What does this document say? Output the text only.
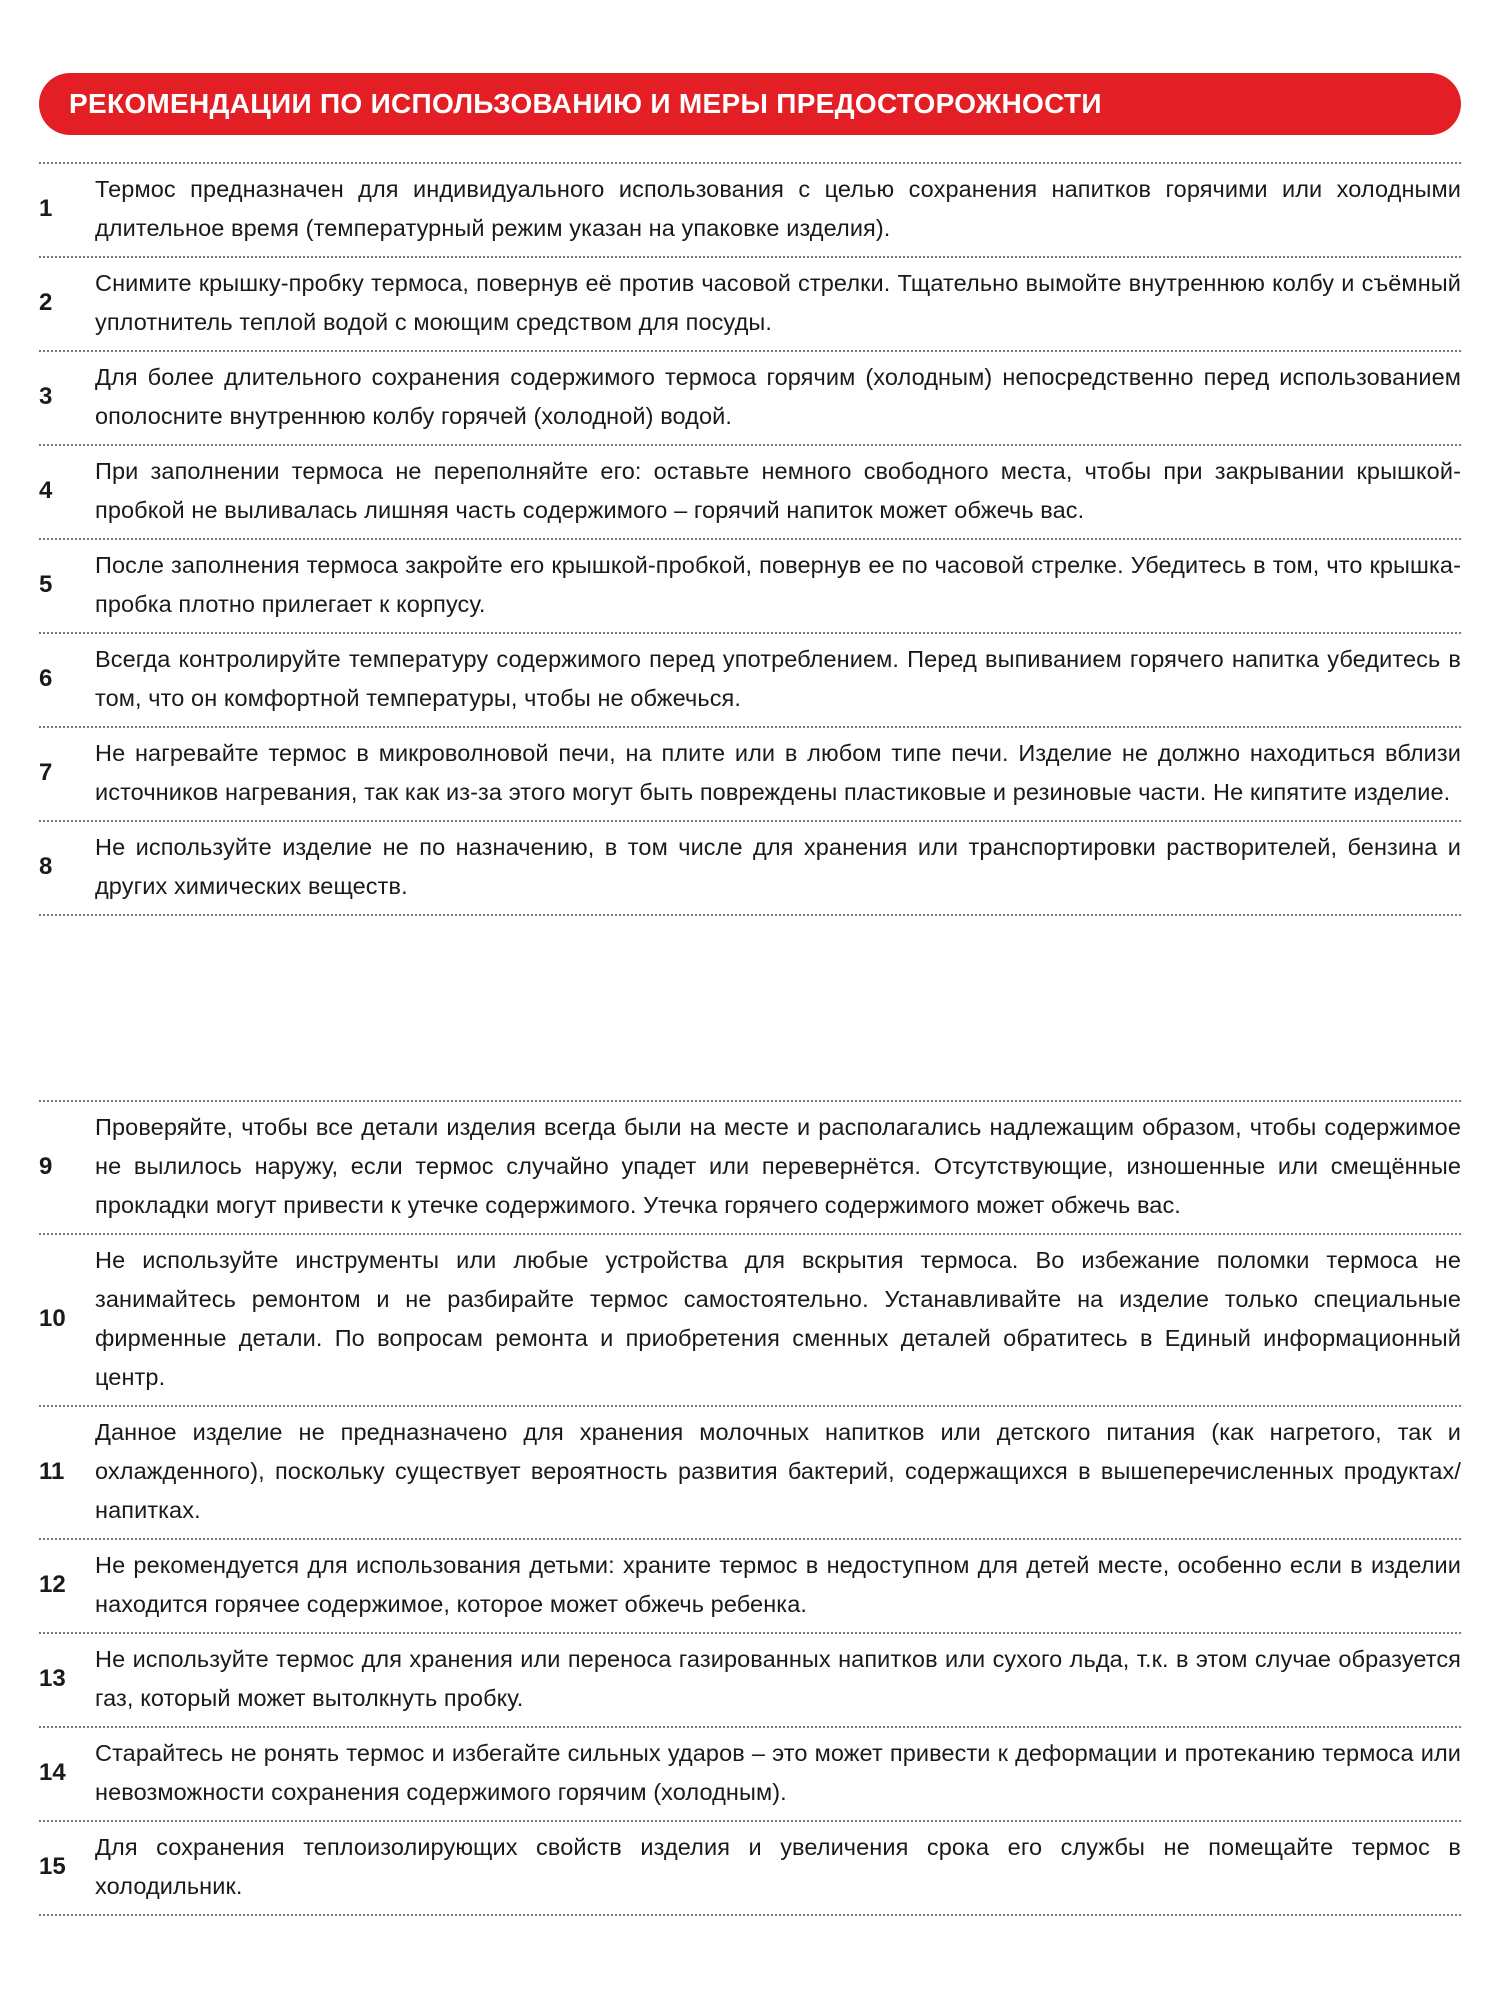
РЕКОМЕНДАЦИИ ПО ИСПОЛЬЗОВАНИЮ И МЕРЫ ПРЕДОСТОРОЖНОСТИ
1
Термос предназначен для индивидуального использования с целью сохранения напитков горячими или холодными длительное время (температурный режим указан на упаковке изделия).
2
Снимите крышку-пробку термоса, повернув её против часовой стрелки. Тщательно вымойте внутреннюю колбу и съёмный уплотнитель теплой водой с моющим средством для посуды.
3
Для более длительного сохранения содержимого термоса горячим (холодным) непосредственно перед использованием ополосните внутреннюю колбу горячей (холодной) водой.
4
При заполнении термоса не переполняйте его: оставьте немного свободного места, чтобы при закрывании крышкой-пробкой не выливалась лишняя часть содержимого – горячий напиток может обжечь вас.
5
После заполнения термоса закройте его крышкой-пробкой, повернув ее по часовой стрелке. Убедитесь в том, что крышка-пробка плотно прилегает к корпусу.
6
Всегда контролируйте температуру содержимого перед употреблением. Перед выпиванием горячего напитка убедитесь в том, что он комфортной температуры, чтобы не обжечься.
7
Не нагревайте термос в микроволновой печи, на плите или в любом типе печи. Изделие не должно находиться вблизи источников нагревания, так как из-за этого могут быть повреждены пластиковые и резиновые части. Не кипятите изделие.
8
Не используйте изделие не по назначению, в том числе для хранения или транспортировки растворителей, бензина и других химических веществ.
9
Проверяйте, чтобы все детали изделия всегда были на месте и располагались надлежащим образом, чтобы содержимое не вылилось наружу, если термос случайно упадет или перевернётся. Отсутствующие, изношенные или смещённые прокладки могут привести к утечке содержимого. Утечка горячего содержимого может обжечь вас.
10
Не используйте инструменты или любые устройства для вскрытия термоса. Во избежание поломки термоса не занимайтесь ремонтом и не разбирайте термос самостоятельно. Устанавливайте на изделие только специальные фирменные детали. По вопросам ремонта и приобретения сменных деталей обратитесь в Единый информационный центр.
11
Данное изделие не предназначено для хранения молочных напитков или детского питания (как нагретого, так и охлажденного), поскольку существует вероятность развития бактерий, содержащихся в вышеперечисленных продуктах/ напитках.
12
Не рекомендуется для использования детьми: храните термос в недоступном для детей месте, особенно если в изделии находится горячее содержимое, которое может обжечь ребенка.
13
Не используйте термос для хранения или переноса газированных напитков или сухого льда, т.к. в этом случае образуется газ, который может вытолкнуть пробку.
14
Старайтесь не ронять термос и избегайте сильных ударов – это может привести к деформации и протеканию термоса или невозможности сохранения содержимого горячим (холодным).
15
Для сохранения теплоизолирующих свойств изделия и увеличения срока его службы не помещайте термос в холодильник.
